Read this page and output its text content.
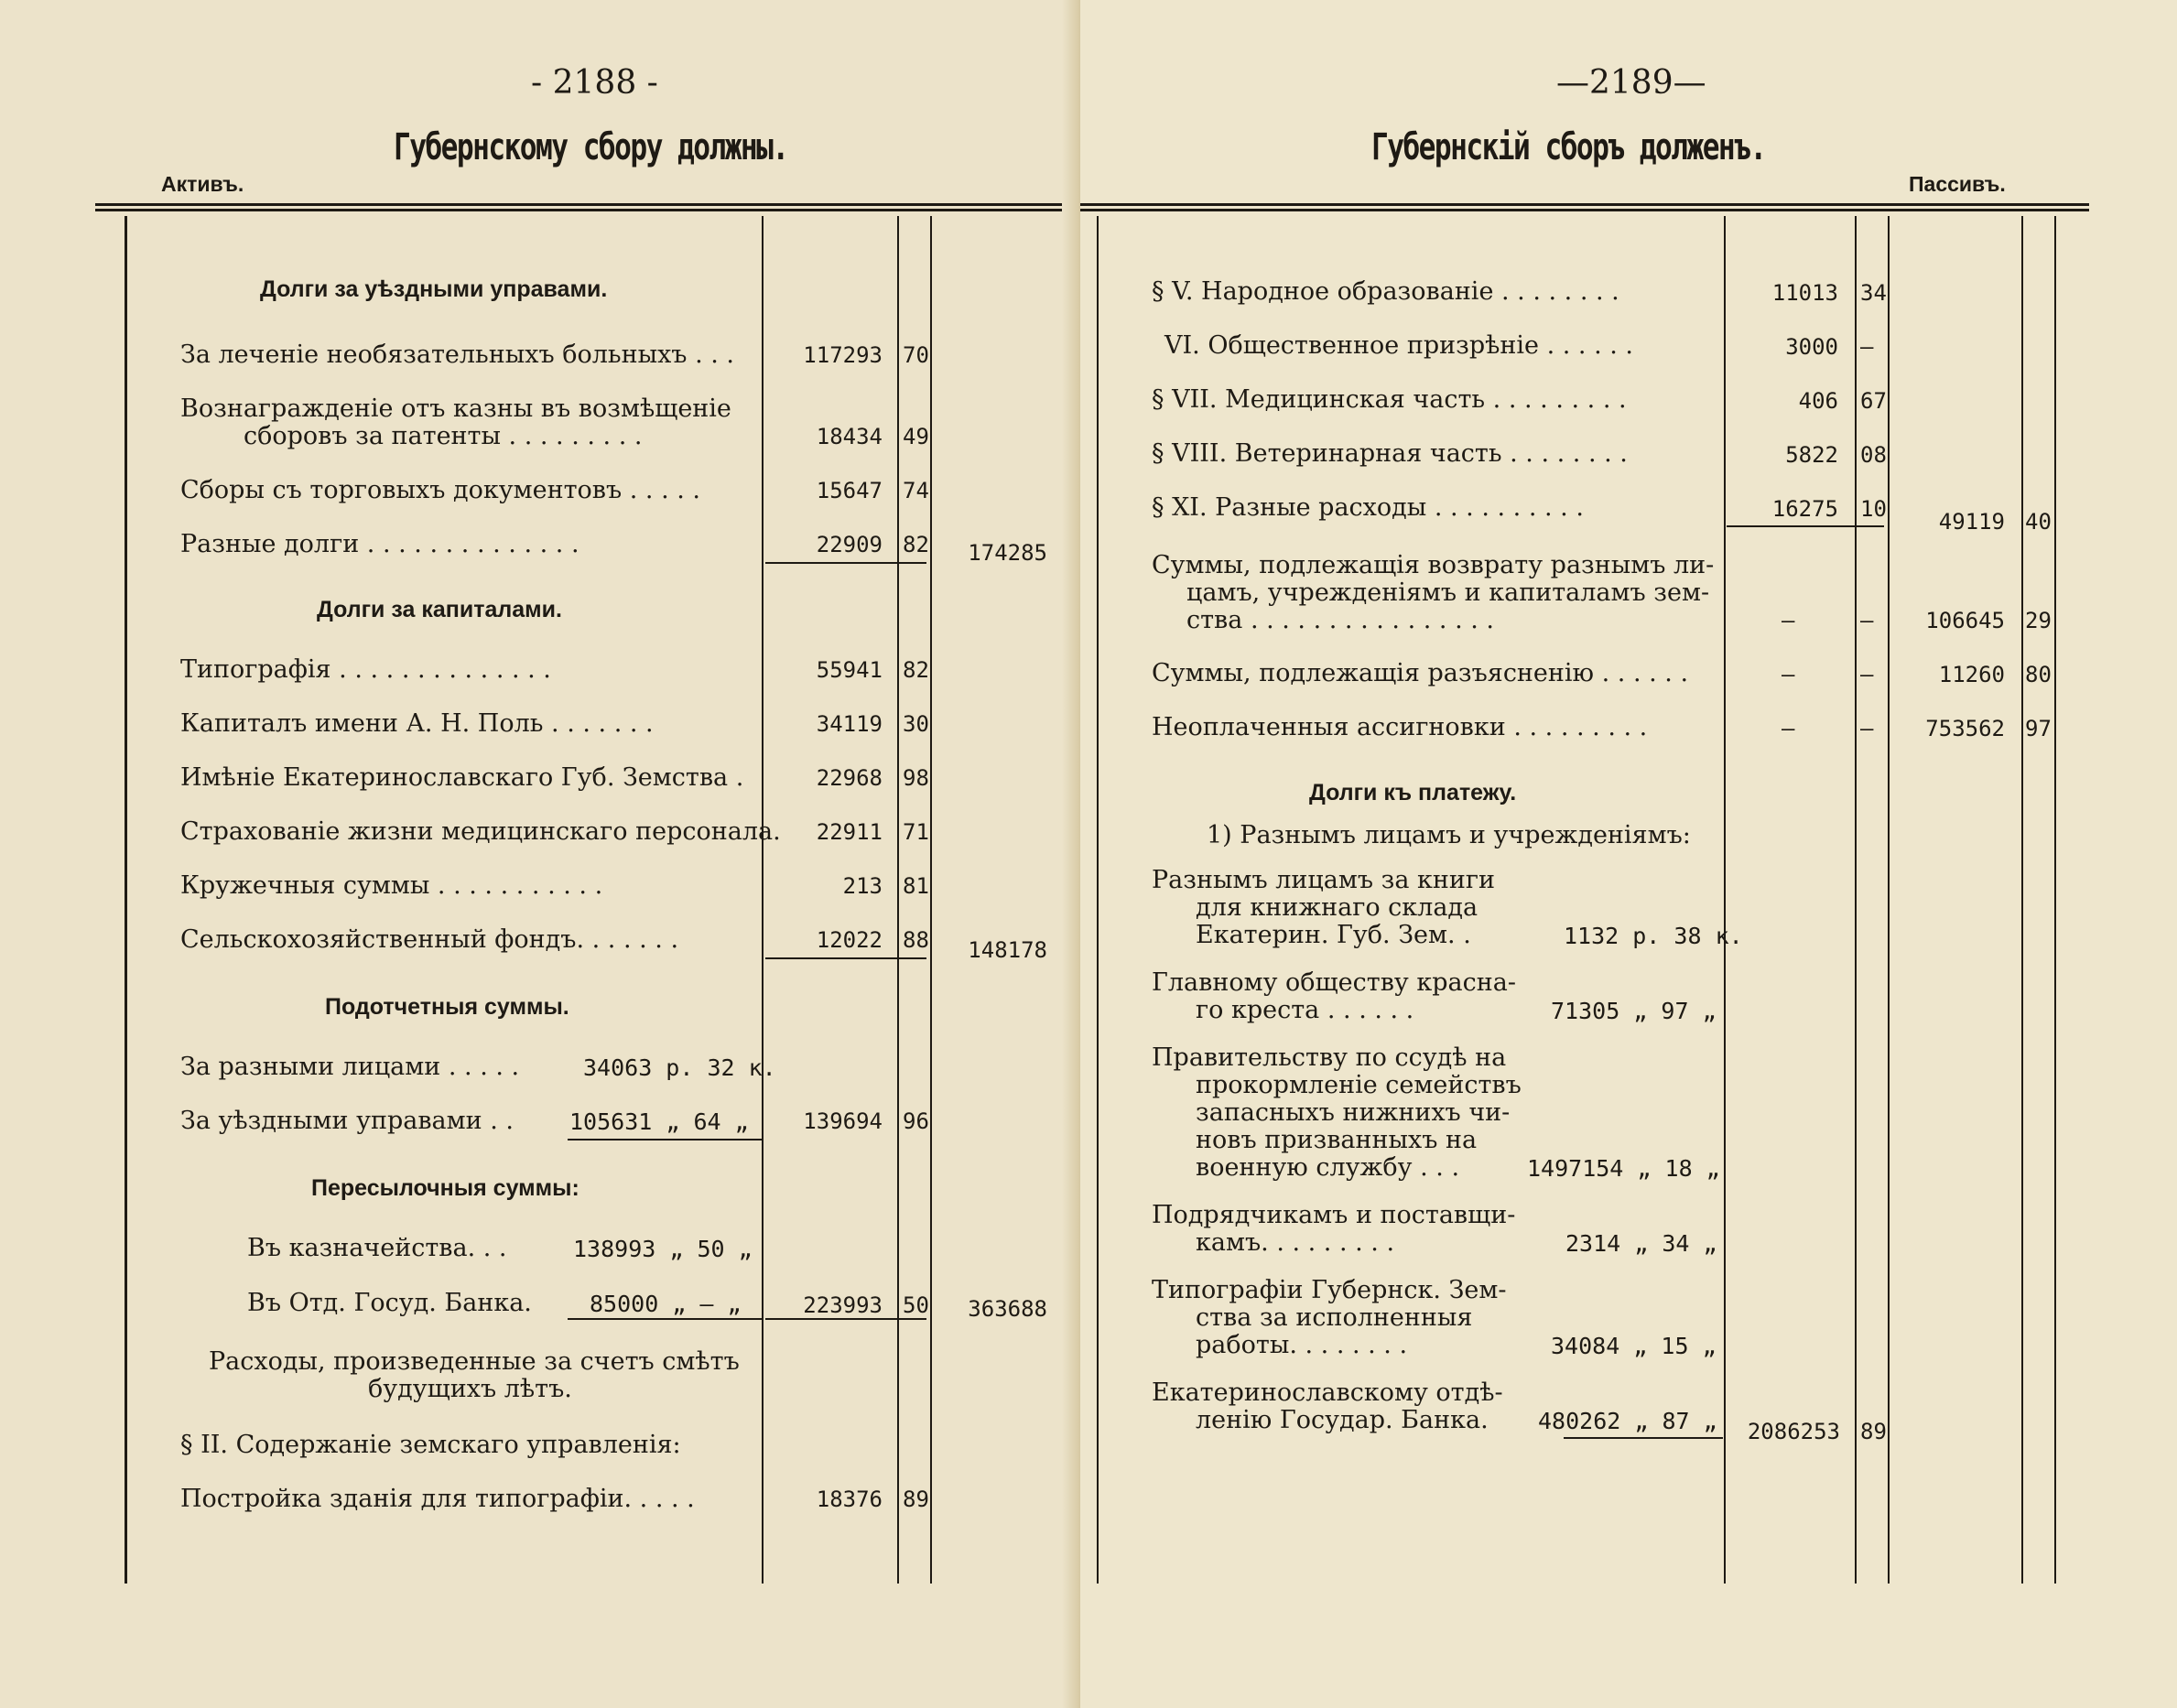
- 2188 -
Губернскому сбору должны.
Активъ.
Долги за уѣздными управами.
За леченіе необязательныхъ больныхъ . . .	117293 70
Вознагражденіе отъ казны въ возмѣщеніе
сборовъ за патенты . . . . . . . . .	18434 49
Сборы съ торговыхъ документовъ . . . . .	15647 74
Разные долги . . . . . . . . . . . . . .	22909 82	174285
Долги за капиталами.
Типографія . . . . . . . . . . . . . .	55941 82
Капиталъ имени А. Н. Поль . . . . . . .	34119 30
Имѣніе Екатеринославскаго Губ. Земства .	22968 98
Страхованіе жизни медицинскаго персонала.	22911 71
Кружечныя суммы . . . . . . . . . . .	213 81
Сельскохозяйственный фондъ. . . . . . .	12022 88	148178
Подотчетныя суммы.
За разными лицами . . . . .	34063 р. 32 к.
За уѣздными управами . . 105631 „ 64 „	139694 96
Пересылочныя суммы:
Въ казначейства. . .	138993 „ 50 „
Въ Отд. Госуд. Банка.	85000 „ — „	223993 50	363688
Расходы, произведенные за счетъ смѣтъ
будущихъ лѣтъ.
§ II. Содержаніе земскаго управленія:
Постройка зданія для типографіи. . . . .	18376 89
—2189—
Губернскій сборъ долженъ.
Пассивъ.
§ V. Народное образованіе . . . . . . . .	11013 34
VI. Общественное призрѣніе . . . . . .	3000 —
§ VII. Медицинская часть . . . . . . . . .	406 67
§ VIII. Ветеринарная часть . . . . . . . .	5822 08
§ XI. Разные расходы . . . . . . . . . .	16275 10	49119 40
Суммы, подлежащія возврату разнымъ ли-
цамъ, учрежденіямъ и капиталамъ зем-
ства . . . . . . . . . . . . . . . .	—	—	106645 29
Суммы, подлежащія разъясненію . . . . . .	—	—	11260 80
Неоплаченныя ассигновки . . . . . . . . .	—	—	753562 97
Долги къ платежу.
1) Разнымъ лицамъ и учрежденіямъ:
Разнымъ лицамъ за книги
для книжнаго склада
Екатерин. Губ. Зем. .	1132 р. 38 к.
Главному обществу красна-
го креста . . . . . .	71305 „ 97 „
Правительству по ссудѣ на
прокормленіе семействъ
запасныхъ нижнихъ чи-
новъ призванныхъ на
военную службу . . .	1497154 „ 18 „
Подрядчикамъ и поставщи-
камъ. . . . . . . . .	2314 „ 34 „
Типографіи Губернск. Зем-
ства за исполненныя
работы. . . . . . . .	34084 „ 15 „
Екатеринославскому отдѣ-
ленію Государ. Банка. 480262 „ 87 „	2086253 89
